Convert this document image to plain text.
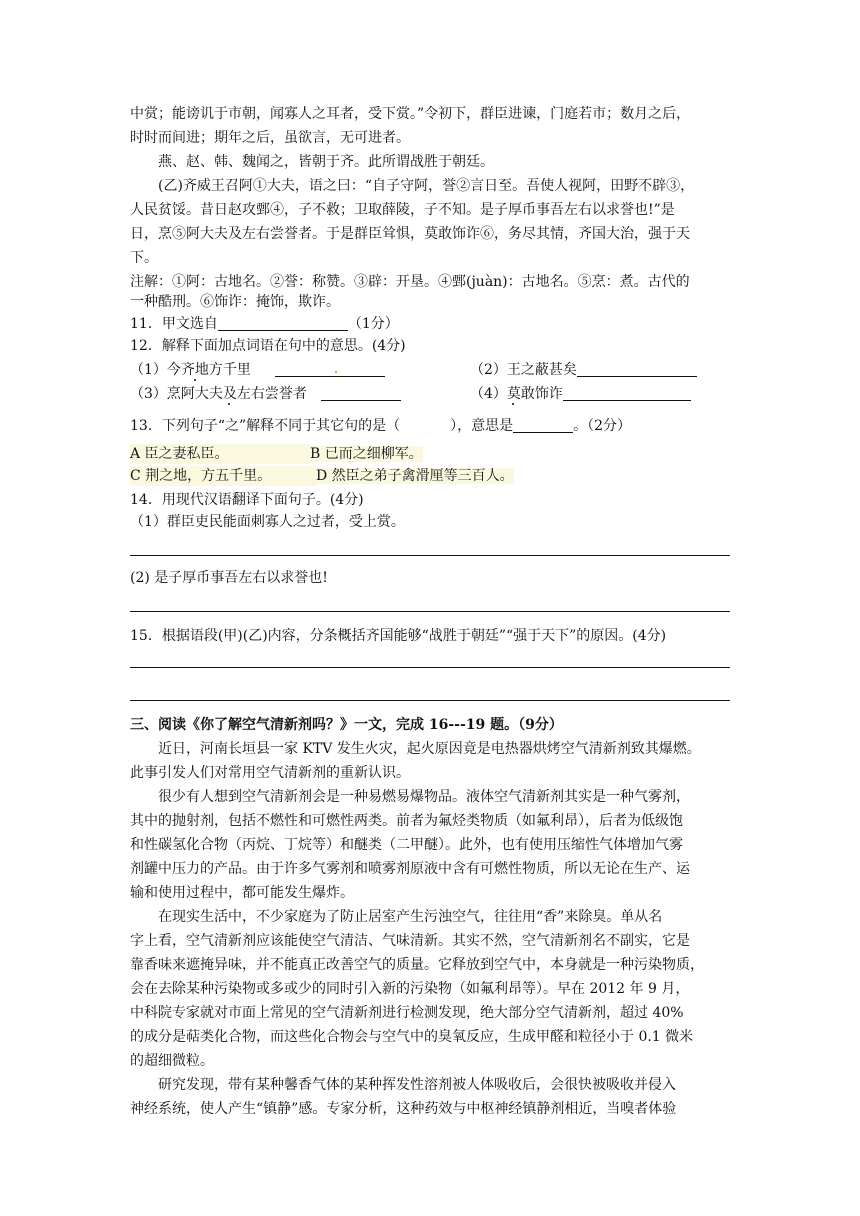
中赏；能谤讥于市朝，闻寡人之耳者，受下赏。”令初下，群臣进谏，门庭若市；数月之后，
时时而间进；期年之后，虽欲言，无可进者。
燕、赵、韩、魏闻之，皆朝于齐。此所谓战胜于朝廷。
(乙)齐威王召阿①大夫，语之曰：“自子守阿，誉②言日至。吾使人视阿，田野不辟③，
人民贫馁。昔日赵攻鄄④，子不救；卫取薛陵，子不知。是子厚币事吾左右以求誉也!”是
日，烹⑤阿大夫及左右尝誉者。于是群臣耸惧，莫敢饰诈⑥，务尽其情，齐国大治，强于天
下。
注解：①阿：古地名。②誉：称赞。③辟：开垦。④鄄(juàn)：古地名。⑤烹：煮。古代的
一种酷刑。⑥饰诈：掩饰，欺诈。
11．甲文选自	（1分）
12．解释下面加点词语在句中的意思。(4分)
（1）今齐地方千里	（2）王之蔽甚矣
（3）烹阿大夫及左右尝誉者	（4）莫敢饰诈
13．下列句子“之”解释不同于其它句的是（	），意思是	。（2分）
A 臣之妻私臣。	B 已而之细柳军。
C 荆之地，方五千里。	D 然臣之弟子禽滑厘等三百人。
14．用现代汉语翻译下面句子。(4分)
（1）群臣吏民能面刺寡人之过者，受上赏。
(2) 是子厚币事吾左右以求誉也!
15．根据语段(甲)(乙)内容，分条概括齐国能够“战胜于朝廷”“强于天下”的原因。(4分)
三、阅读《你了解空气清新剂吗？》一文，完成 16---19 题。（9分）
近日，河南长垣县一家 KTV 发生火灾，起火原因竟是电热器烘烤空气清新剂致其爆燃。
此事引发人们对常用空气清新剂的重新认识。
很少有人想到空气清新剂会是一种易燃易爆物品。液体空气清新剂其实是一种气雾剂，
其中的抛射剂，包括不燃性和可燃性两类。前者为氟烃类物质（如氟利昂），后者为低级饱
和性碳氢化合物（丙烷、丁烷等）和醚类（二甲醚）。此外，也有使用压缩性气体增加气雾
剂罐中压力的产品。由于许多气雾剂和喷雾剂原液中含有可燃性物质，所以无论在生产、运
输和使用过程中，都可能发生爆炸。
在现实生活中，不少家庭为了防止居室产生污浊空气，往往用“香”来除臭。单从名
字上看，空气清新剂应该能使空气清洁、气味清新。其实不然，空气清新剂名不副实，它是
靠香味来遮掩异味，并不能真正改善空气的质量。它释放到空气中，本身就是一种污染物质，
会在去除某种污染物或多或少的同时引入新的污染物（如氟利昂等）。早在 2012 年 9 月，
中科院专家就对市面上常见的空气清新剂进行检测发现，绝大部分空气清新剂，超过 40%
的成分是萜类化合物，而这些化合物会与空气中的臭氧反应，生成甲醛和粒径小于 0.1 微米
的超细微粒。
研究发现，带有某种馨香气体的某种挥发性溶剂被人体吸收后，会很快被吸收并侵入
神经系统，使人产生“镇静”感。专家分析，这种药效与中枢神经镇静剂相近，当嗅者体验
